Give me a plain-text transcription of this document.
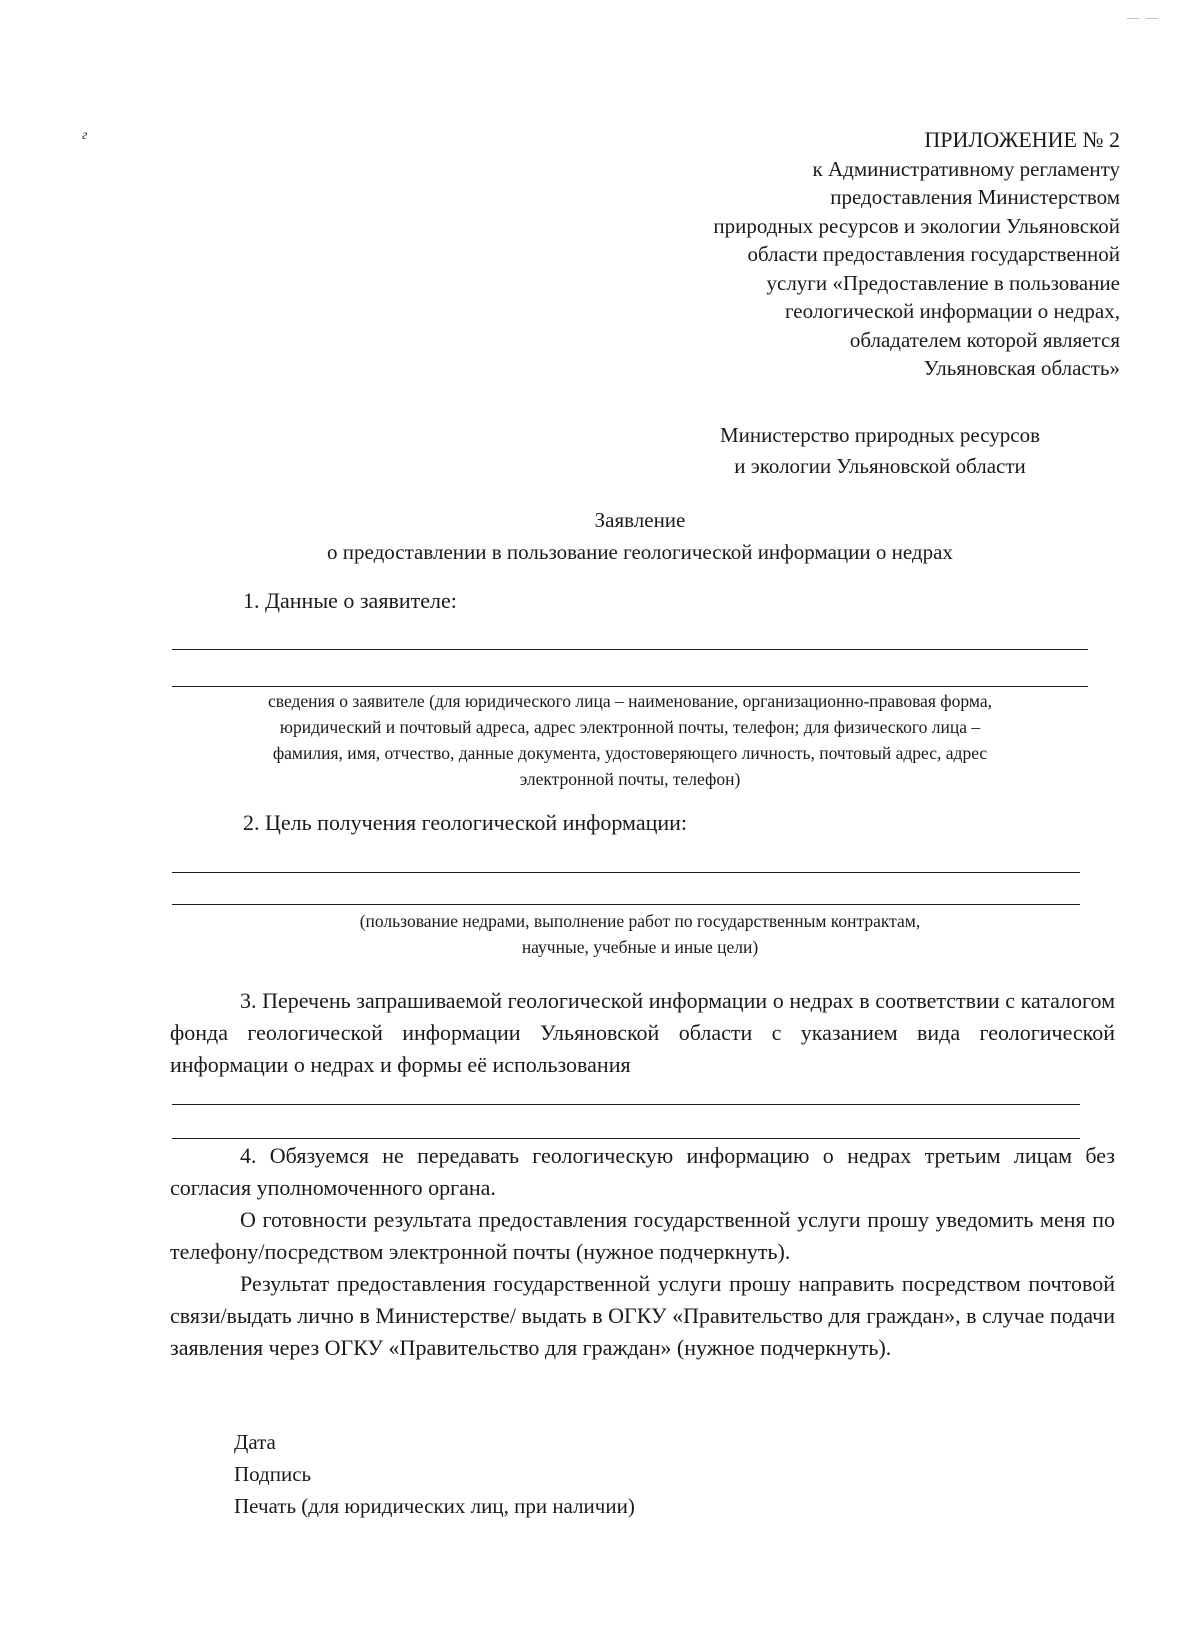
— —
г	ПРИЛОЖЕНИЕ № 2
к Административному регламенту
предоставления Министерством
природных ресурсов и экологии Ульяновской
области предоставления государственной
услуги «Предоставление в пользование
геологической информации о недрах,
обладателем которой является
Ульяновская область»
Министерство природных ресурсов
и экологии Ульяновской области
Заявление
о предоставлении в пользование геологической информации о недрах
1. Данные о заявителе:
сведения о заявителе (для юридического лица – наименование, организационно-правовая форма,
юридический и почтовый адреса, адрес электронной почты, телефон; для физического лица –
фамилия, имя, отчество, данные документа, удостоверяющего личность, почтовый адрес, адрес
электронной почты, телефон)
2. Цель получения геологической информации:
(пользование недрами, выполнение работ по государственным контрактам,
научные, учебные и иные цели)
3. Перечень запрашиваемой геологической информации о недрах в соответствии с каталогом фонда геологической информации Ульяновской области с указанием вида геологической информации о недрах и формы её использования
4. Обязуемся не передавать геологическую информацию о недрах третьим лицам без согласия уполномоченного органа.
О готовности результата предоставления государственной услуги прошу уведомить меня по телефону/посредством электронной почты (нужное подчеркнуть).
Результат предоставления государственной услуги прошу направить посредством почтовой связи/выдать лично в Министерстве/ выдать в ОГКУ «Правительство для граждан», в случае подачи заявления через ОГКУ «Правительство для граждан» (нужное подчеркнуть).
Дата
Подпись
Печать (для юридических лиц, при наличии)
